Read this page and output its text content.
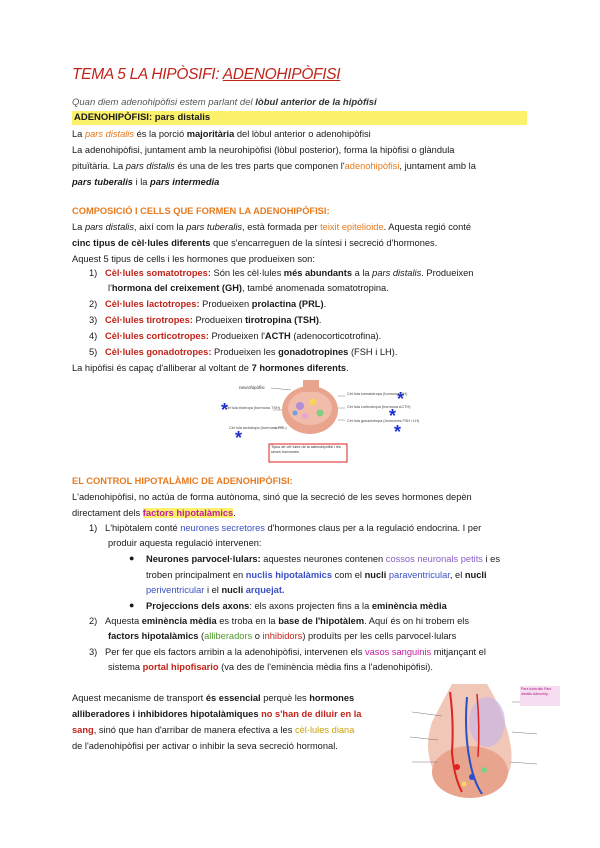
TEMA 5 LA HIPÒSIFI: ADENOHIPÒFISI
Quan diem adenohipòfisi estem parlant del lòbul anterior de la hipòfisi
ADENOHIPÒFISI: pars distalis
La pars distalis és la porció majoritària del lòbul anterior o adenohipòfisi
La adenohipòfisi, juntament amb la neurohipòfisi (lòbul posterior), forma la hipòfisi o glàndula
pituïtària. La pars distalis és una de les tres parts que componen l'adenohipòfisi, juntament amb la
pars tuberalis i la pars intermedia
COMPOSICIÓ I CELLS QUE FORMEN LA ADENOHIPÒFISI:
La pars distalis, així com la pars tuberalis, està formada per teixit epitelioide. Aquesta regió conté
cinc tipus de cèl·lules diferents que s'encarreguen de la síntesi i secreció d'hormones.
Aquest 5 tipus de cells i les hormones que produeixen son:
1) Cèl·lules somatotropes: Són les cèl·lules més abundants a la pars distalis. Produeixen
l'hormona del creixement (GH), també anomenada somatotropina.
2) Cèl·lules lactotropes: Produeixen prolactina (PRL).
3) Cèl·lules tirotropes: Produeixen tirotropina (TSH).
4) Cèl·lules corticotropes: Produeixen l'ACTH (adenocorticotrofina).
5) Cèl·lules gonadotropes: Produeixen les gonadotropines (FSH i LH).
La hipòfisi és capaç d'alliberar al voltant de 7 hormones diferents.
*
*
*
*
*
neurohipòfisi
Cèl·lula somatotropa (hormona GH)
Cèl·lula corticotropa (hormona ACTH)
Cèl·lula gonadotropa (hormones FSH i LH)
Cèl·lula tirotropa (hormona TSH)
Cèl·lula lactotropa (hormona PRL)
Tipus de cèl·lules de la adenohipòfisi i les seves hormones
EL CONTROL HIPOTALÀMIC DE ADENOHIPÒFISI:
L'adenohipòfisi, no actúa de forma autònoma, sinó que la secreció de les seves hormones depèn
directament dels factors hipotalàmics.
1) L'hipòtalem conté neurones secretores d'hormones claus per a la regulació endocrina. I per
produir aquesta regulació intervenen:
● Neurones parvocel·lulars: aquestes neurones contenen cossos neuronals petits i es
troben principalment en nuclis hipotalàmics com el nucli paraventricular, el nucli
periventricular i el nucli arquejat.
● Projeccions dels axons: els axons projecten fins a la eminència mèdia
2) Aquesta eminència mèdia es troba en la base de l'hipotàlem. Aquí és on hi trobem els
factors hipotalàmics (alliberadors o inhibidors) produïts per les cells parvocel·lulars
3) Per fer que els factors arribin a la adenohipòfisi, intervenen els vasos sanguinis mitjançant el
sistema portal hipofisario (va des de l'eminència mèdia fins a l'adenohipòfisi).
Aquest mecanisme de transport és essencial perquè les hormones
alliberadores i inhibidores hipotalàmiques no s'han de diluir en la
sang, sinó que han d'arribar de manera efectiva a les cèl·lules diana
de l'adenohipòfisi per activar o inhibir la seva secreció hormonal.
Pars tuberalis Pars distalis Adenohip.
